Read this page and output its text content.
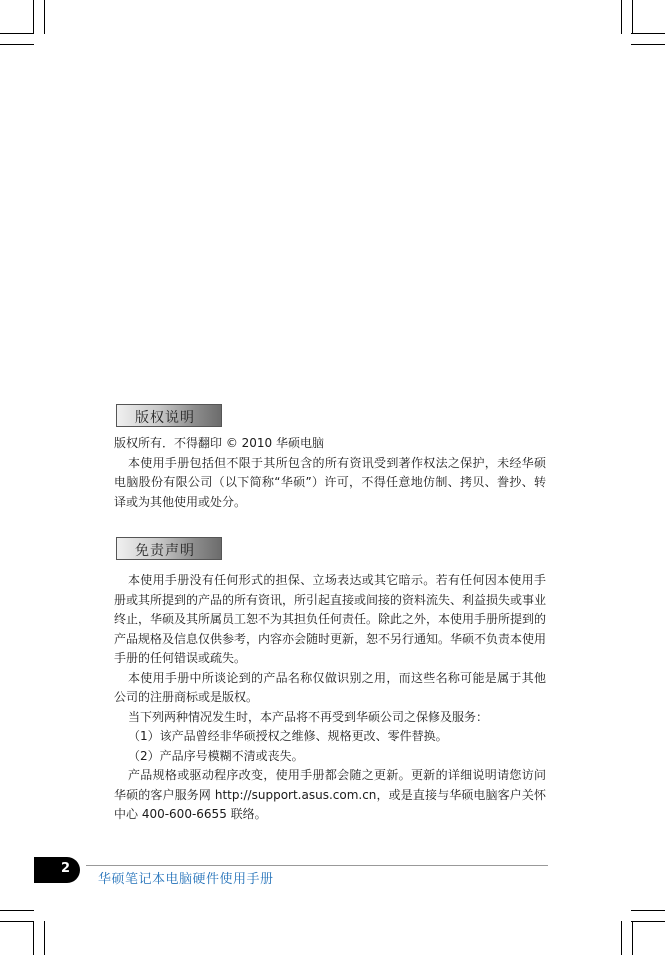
版权说明

版权所有．不得翻印 © 2010 华硕电脑

本使用手册包括但不限于其所包含的所有资讯受到著作权法之保护，未经华硕电脑股份有限公司（以下简称“华硕”）许可，不得任意地仿制、拷贝、誊抄、转译或为其他使用或处分。

免责声明

本使用手册没有任何形式的担保、立场表达或其它暗示。若有任何因本使用手册或其所提到的产品的所有资讯，所引起直接或间接的资料流失、利益损失或事业终止，华硕及其所属员工恕不为其担负任何责任。除此之外，本使用手册所提到的产品规格及信息仅供参考，内容亦会随时更新，恕不另行通知。华硕不负责本使用手册的任何错误或疏失。

本使用手册中所谈论到的产品名称仅做识别之用，而这些名称可能是属于其他公司的注册商标或是版权。

当下列两种情况发生时，本产品将不再受到华硕公司之保修及服务：

（1）该产品曾经非华硕授权之维修、规格更改、零件替换。

（2）产品序号模糊不清或丧失。

产品规格或驱动程序改变，使用手册都会随之更新。更新的详细说明请您访问华硕的客户服务网 http://support.asus.com.cn，或是直接与华硕电脑客户关怀中心 400-600-6655 联络。

2
华硕笔记本电脑硬件使用手册
